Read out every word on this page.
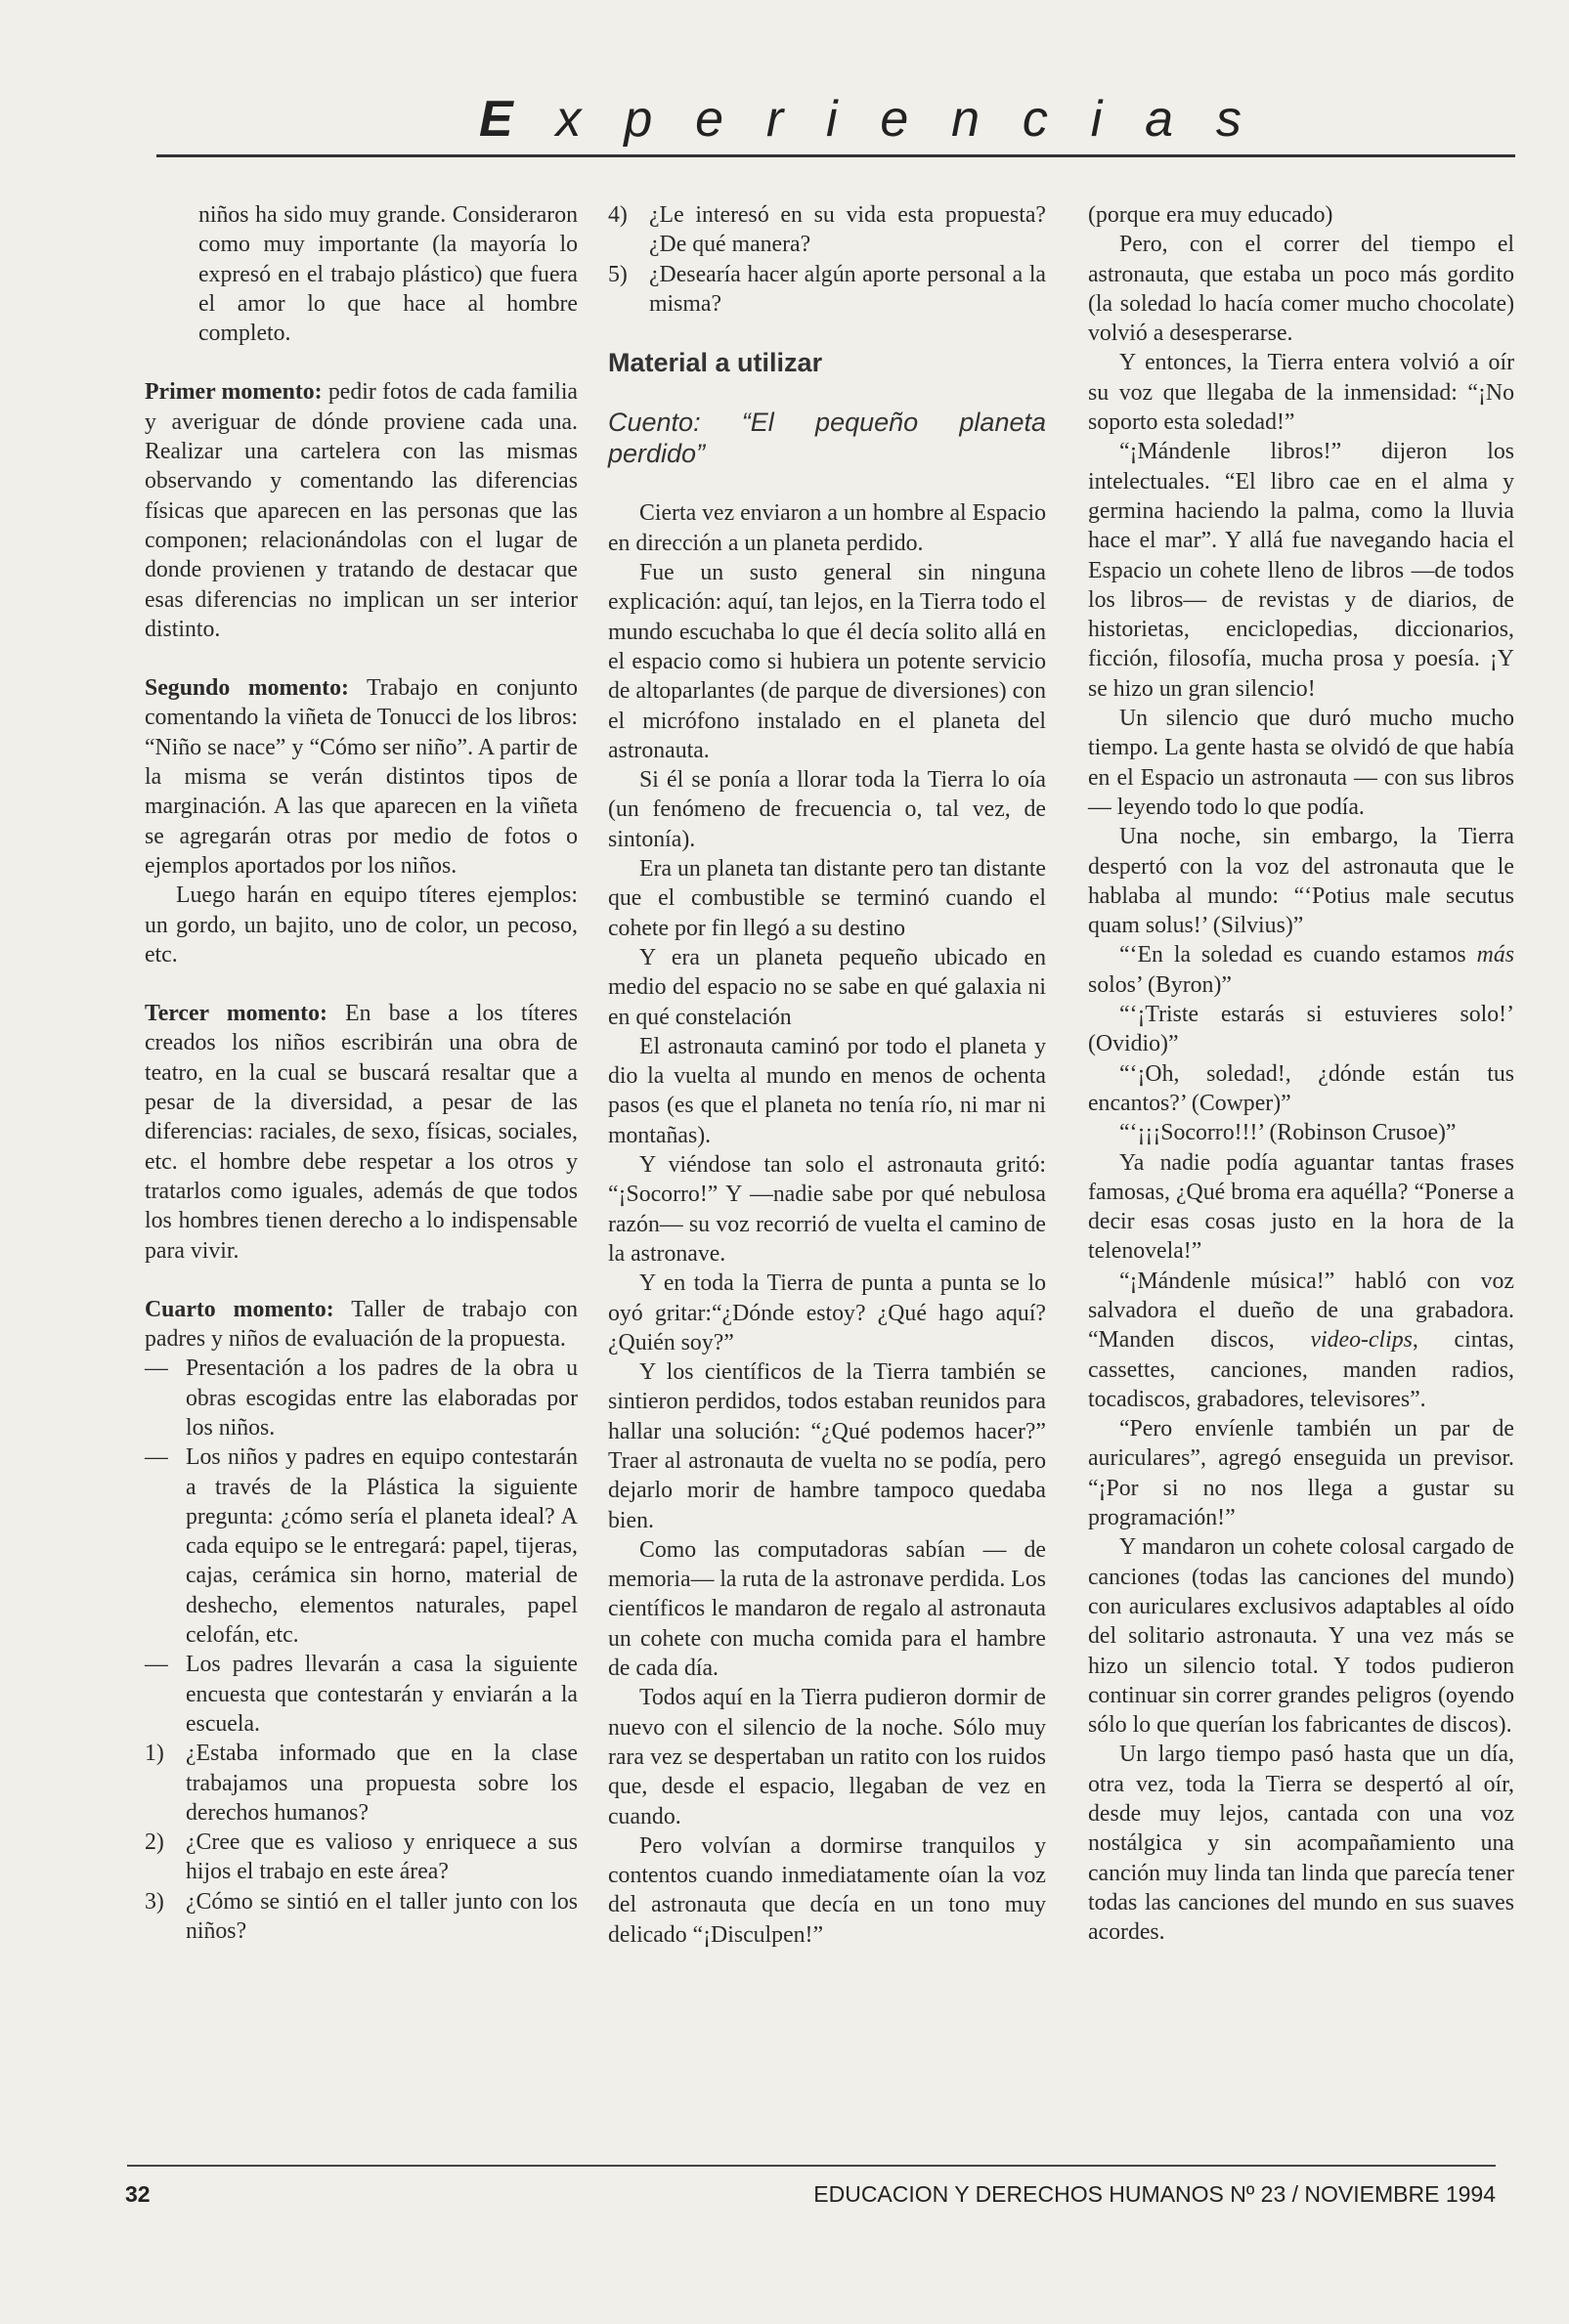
E x p e r i e n c i a s

niños ha sido muy grande. Consideraron como muy importante (la mayoría lo expresó en el trabajo plástico) que fuera el amor lo que hace al hombre completo.

Primer momento: pedir fotos de cada familia y averiguar de dónde proviene cada una. Realizar una cartelera con las mismas observando y comentando las diferencias físicas que aparecen en las personas que las componen; relacionándolas con el lugar de donde provienen y tratando de destacar que esas diferencias no implican un ser interior distinto.

Segundo momento: Trabajo en conjunto comentando la viñeta de Tonucci de los libros: “Niño se nace” y “Cómo ser niño”. A partir de la misma se verán distintos tipos de marginación. A las que aparecen en la viñeta se agregarán otras por medio de fotos o ejemplos aportados por los niños.

Luego harán en equipo títeres ejemplos: un gordo, un bajito, uno de color, un pecoso, etc.

Tercer momento: En base a los títeres creados los niños escribirán una obra de teatro, en la cual se buscará resaltar que a pesar de la diversidad, a pesar de las diferencias: raciales, de sexo, físicas, sociales, etc. el hombre debe respetar a los otros y tratarlos como iguales, además de que todos los hombres tienen derecho a lo indispensable para vivir.

Cuarto momento: Taller de trabajo con padres y niños de evaluación de la propuesta.

— Presentación a los padres de la obra u obras escogidas entre las elaboradas por los niños.
— Los niños y padres en equipo contestarán a través de la Plástica la siguiente pregunta: ¿cómo sería el planeta ideal? A cada equipo se le entregará: papel, tijeras, cajas, cerámica sin horno, material de deshecho, elementos naturales, papel celofán, etc.
— Los padres llevarán a casa la siguiente encuesta que contestarán y enviarán a la escuela.
1) ¿Estaba informado que en la clase trabajamos una propuesta sobre los derechos humanos?
2) ¿Cree que es valioso y enriquece a sus hijos el trabajo en este área?
3) ¿Cómo se sintió en el taller junto con los niños?
4) ¿Le interesó en su vida esta propuesta? ¿De qué manera?
5) ¿Desearía hacer algún aporte personal a la misma?

Material a utilizar

Cuento: “El pequeño planeta perdido”

Cierta vez enviaron a un hombre al Espacio en dirección a un planeta perdido.

Fue un susto general sin ninguna explicación: aquí, tan lejos, en la Tierra todo el mundo escuchaba lo que él decía solito allá en el espacio como si hubiera un potente servicio de altoparlantes (de parque de diversiones) con el micrófono instalado en el planeta del astronauta.

Si él se ponía a llorar toda la Tierra lo oía (un fenómeno de frecuencia o, tal vez, de sintonía).

Era un planeta tan distante pero tan distante que el combustible se terminó cuando el cohete por fin llegó a su destino

Y era un planeta pequeño ubicado en medio del espacio no se sabe en qué galaxia ni en qué constelación

El astronauta caminó por todo el planeta y dio la vuelta al mundo en menos de ochenta pasos (es que el planeta no tenía río, ni mar ni montañas).

Y viéndose tan solo el astronauta gritó: “¡Socorro!” Y —nadie sabe por qué nebulosa razón— su voz recorrió de vuelta el camino de la astronave.

Y en toda la Tierra de punta a punta se lo oyó gritar:“¿Dónde estoy? ¿Qué hago aquí? ¿Quién soy?”

Y los científicos de la Tierra también se sintieron perdidos, todos estaban reunidos para hallar una solución: “¿Qué podemos hacer?” Traer al astronauta de vuelta no se podía, pero dejarlo morir de hambre tampoco quedaba bien.

Como las computadoras sabían — de memoria— la ruta de la astronave perdida. Los científicos le mandaron de regalo al astronauta un cohete con mucha comida para el hambre de cada día.

Todos aquí en la Tierra pudieron dormir de nuevo con el silencio de la noche. Sólo muy rara vez se despertaban un ratito con los ruidos que, desde el espacio, llegaban de vez en cuando.

Pero volvían a dormirse tranquilos y contentos cuando inmediatamente oían la voz del astronauta que decía en un tono muy delicado “¡Disculpen!”

(porque era muy educado)

Pero, con el correr del tiempo el astronauta, que estaba un poco más gordito (la soledad lo hacía comer mucho chocolate) volvió a desesperarse.

Y entonces, la Tierra entera volvió a oír su voz que llegaba de la inmensidad: “¡No soporto esta soledad!”

“¡Mándenle libros!” dijeron los intelectuales. “El libro cae en el alma y germina haciendo la palma, como la lluvia hace el mar”. Y allá fue navegando hacia el Espacio un cohete lleno de libros —de todos los libros— de revistas y de diarios, de historietas, enciclopedias, diccionarios, ficción, filosofía, mucha prosa y poesía. ¡Y se hizo un gran silencio!

Un silencio que duró mucho mucho tiempo. La gente hasta se olvidó de que había en el Espacio un astronauta — con sus libros— leyendo todo lo que podía.

Una noche, sin embargo, la Tierra despertó con la voz del astronauta que le hablaba al mundo: “‘Potius male secutus quam solus!’ (Silvius)”

“‘En la soledad es cuando estamos más solos’ (Byron)”

“‘¡Triste estarás si estuvieres solo!’ (Ovidio)”

“‘¡Oh, soledad!, ¿dónde están tus encantos?’ (Cowper)”

“‘¡¡¡Socorro!!!’ (Robinson Crusoe)”

Ya nadie podía aguantar tantas frases famosas, ¿Qué broma era aquélla? “Ponerse a decir esas cosas justo en la hora de la telenovela!”

“¡Mándenle música!” habló con voz salvadora el dueño de una grabadora. “Manden discos, video-clips, cintas, cassettes, canciones, manden radios, tocadiscos, grabadores, televisores”.

“Pero envíenle también un par de auriculares”, agregó enseguida un previsor. “¡Por si no nos llega a gustar su programación!”

Y mandaron un cohete colosal cargado de canciones (todas las canciones del mundo) con auriculares exclusivos adaptables al oído del solitario astronauta. Y una vez más se hizo un silencio total. Y todos pudieron continuar sin correr grandes peligros (oyendo sólo lo que querían los fabricantes de discos).

Un largo tiempo pasó hasta que un día, otra vez, toda la Tierra se despertó al oír, desde muy lejos, cantada con una voz nostálgica y sin acompañamiento una canción muy linda tan linda que parecía tener todas las canciones del mundo en sus suaves acordes.

32	EDUCACION Y DERECHOS HUMANOS Nº 23 / NOVIEMBRE 1994
